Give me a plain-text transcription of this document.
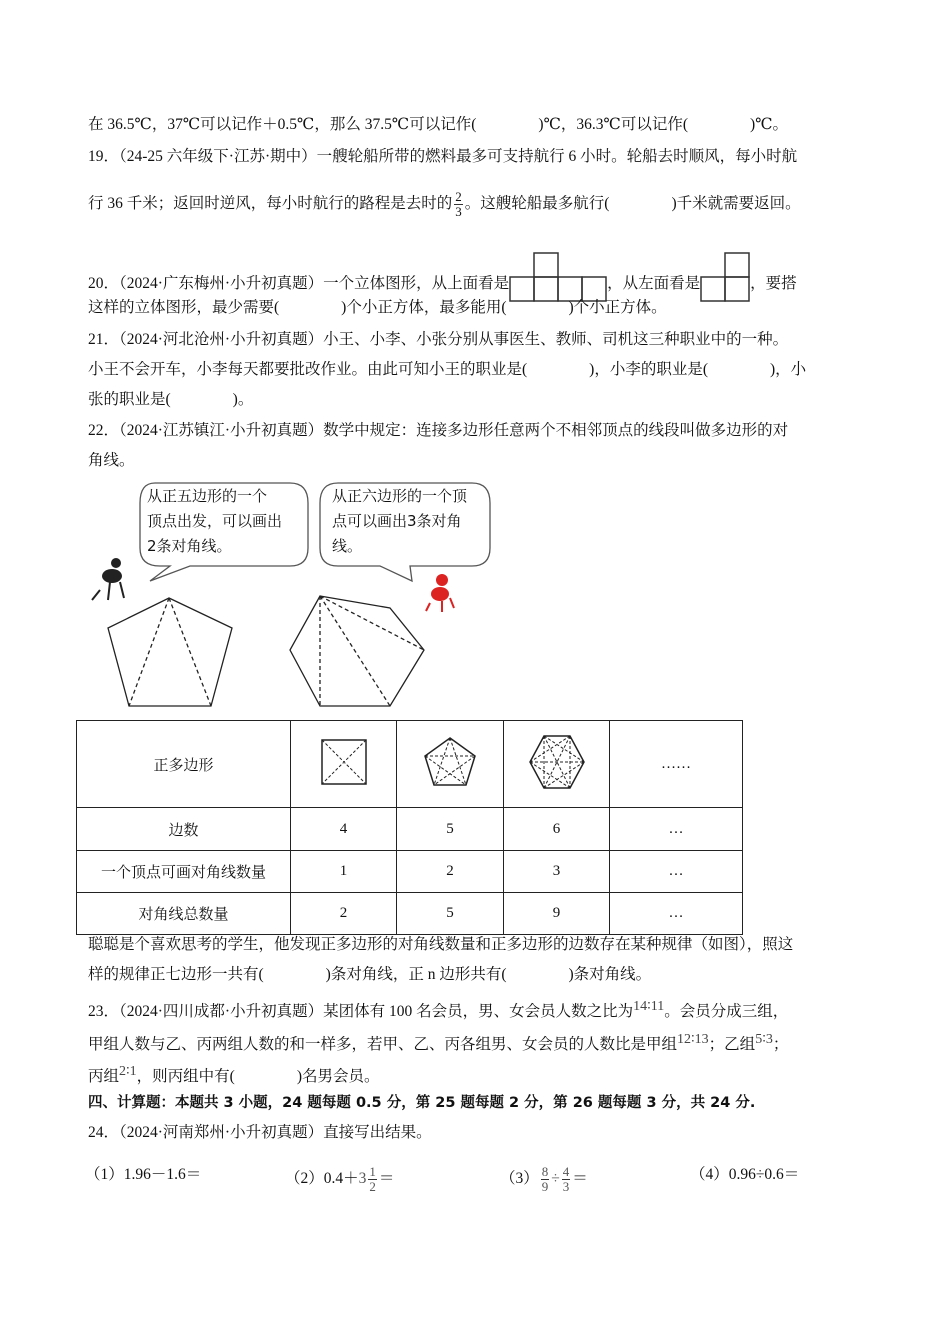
在 36.5℃，37℃可以记作＋0.5℃，那么 37.5℃可以记作(	)℃，36.3℃可以记作(	)℃。
19．（24-25 六年级下·江苏·期中）一艘轮船所带的燃料最多可支持航行 6 小时。轮船去时顺风，每小时航
行 36 千米；返回时逆风，每小时航行的路程是去时的 $\frac{2}{3}$ 。这艘轮船最多航行(	)千米就需要返回。
20．（2024·广东梅州·小升初真题）一个立体图形，从上面看是	，从左面看是	，要搭
这样的立体图形，最少需要(	)个小正方体，最多能用(	)个小正方体。
21．（2024·河北沧州·小升初真题）小王、小李、小张分别从事医生、教师、司机这三种职业中的一种。
小王不会开车，小李每天都要批改作业。由此可知小王的职业是(	)，小李的职业是(	)，小
张的职业是(	)。
22．（2024·江苏镇江·小升初真题）数学中规定：连接多边形任意两个不相邻顶点的线段叫做多边形的对
角线。
从正五边形的一个
顶点出发，可以画出
2条对角线。
从正六边形的一个顶
点可以画出3条对角
线。
正多边形				……
边数	4	5	6	…
一个顶点可画对角线数量	1	2	3	…
对角线总数量	2	5	9	…
聪聪是个喜欢思考的学生，他发现正多边形的对角线数量和正多边形的边数存在某种规律（如图），照这
样的规律正七边形一共有(	)条对角线，正 n 边形共有(	)条对角线。
23．（2024·四川成都·小升初真题）某团体有 100 名会员，男、女会员人数之比为14∶11。会员分成三组，
甲组人数与乙、丙两组人数的和一样多，若甲、乙、丙各组男、女会员的人数比是甲组12∶13；乙组5∶3；
丙组2∶1，则丙组中有(	)名男会员。
四、计算题：本题共 3 小题，24 题每题 0.5 分，第 25 题每题 2 分，第 26 题每题 3 分，共 24 分.
24．（2024·河南郑州·小升初真题）直接写出结果。
（1）1.96－1.6＝	$(2)0.4+3 \frac{1}{2}$ ＝	$(3) \frac{8}{9} \div \frac{4}{3}$ ＝	（4）0.96÷0.6＝
